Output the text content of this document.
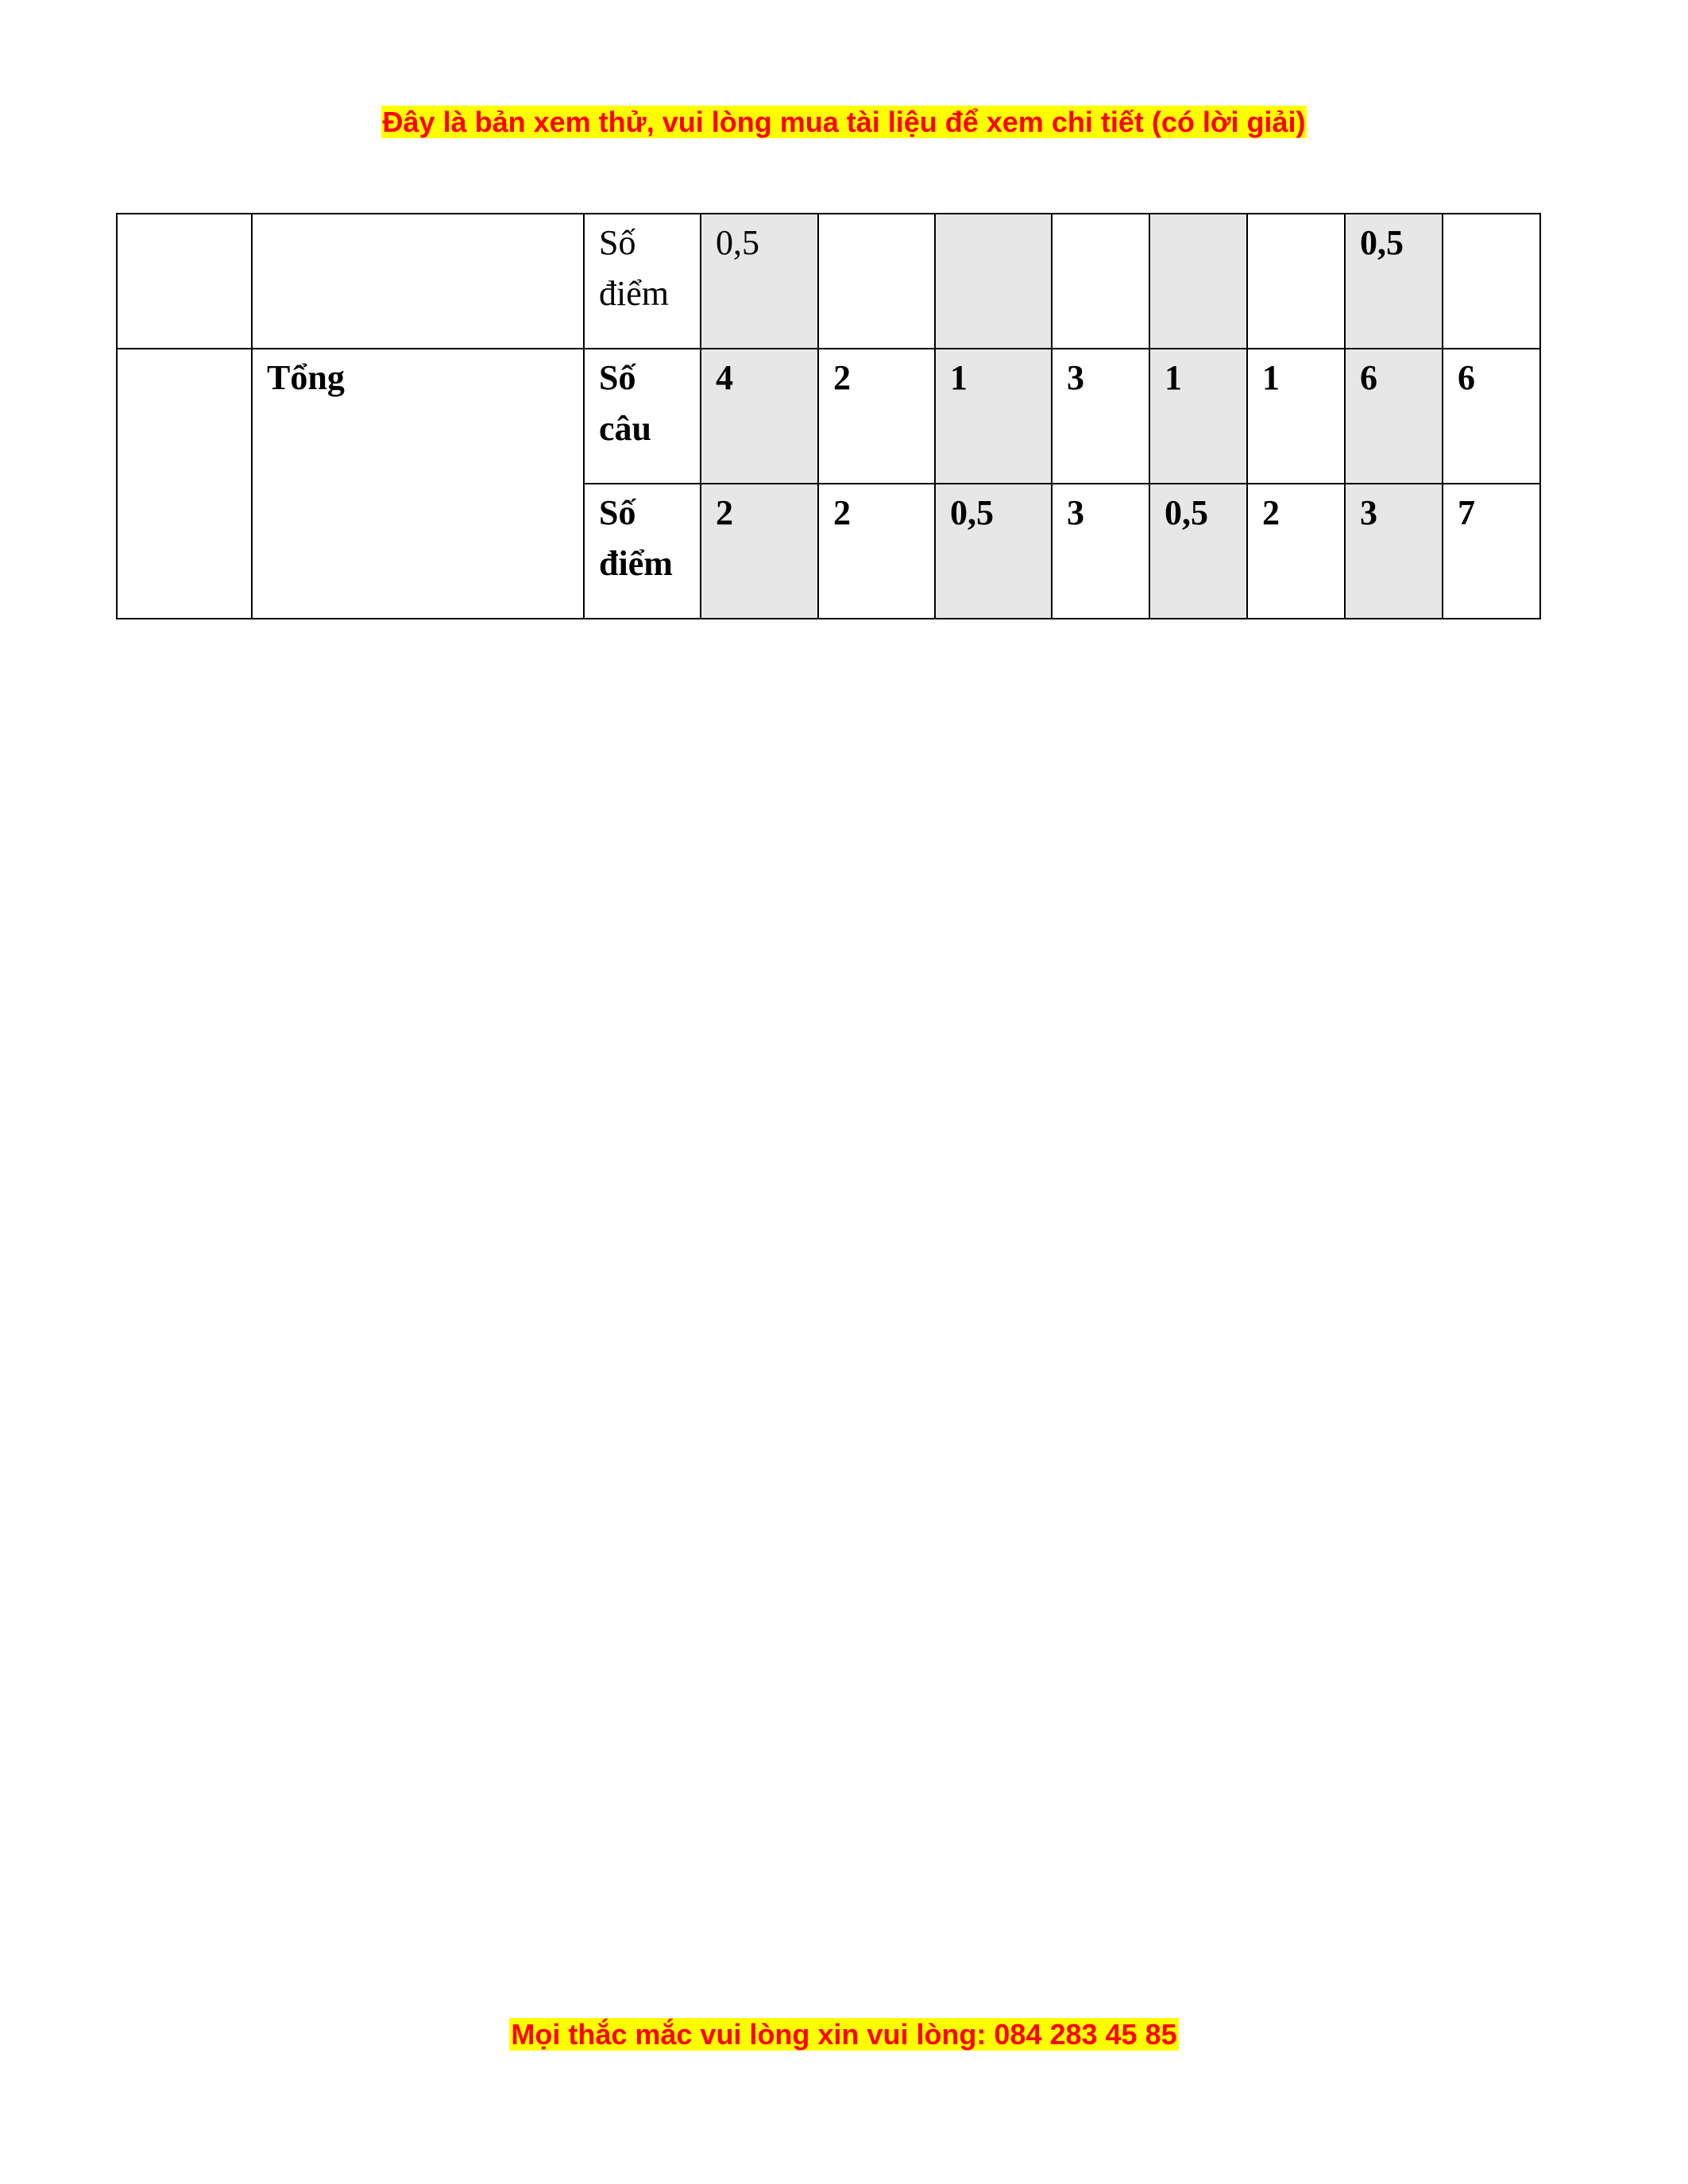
Đây là bản xem thử, vui lòng mua tài liệu để xem chi tiết (có lời giải)
		Số điểm	0,5						0,5	
	Tổng	Số câu	4	2	1	3	1	1	6	6
		Số điểm	2	2	0,5	3	0,5	2	3	7
Mọi thắc mắc vui lòng xin vui lòng: 084 283 45 85
